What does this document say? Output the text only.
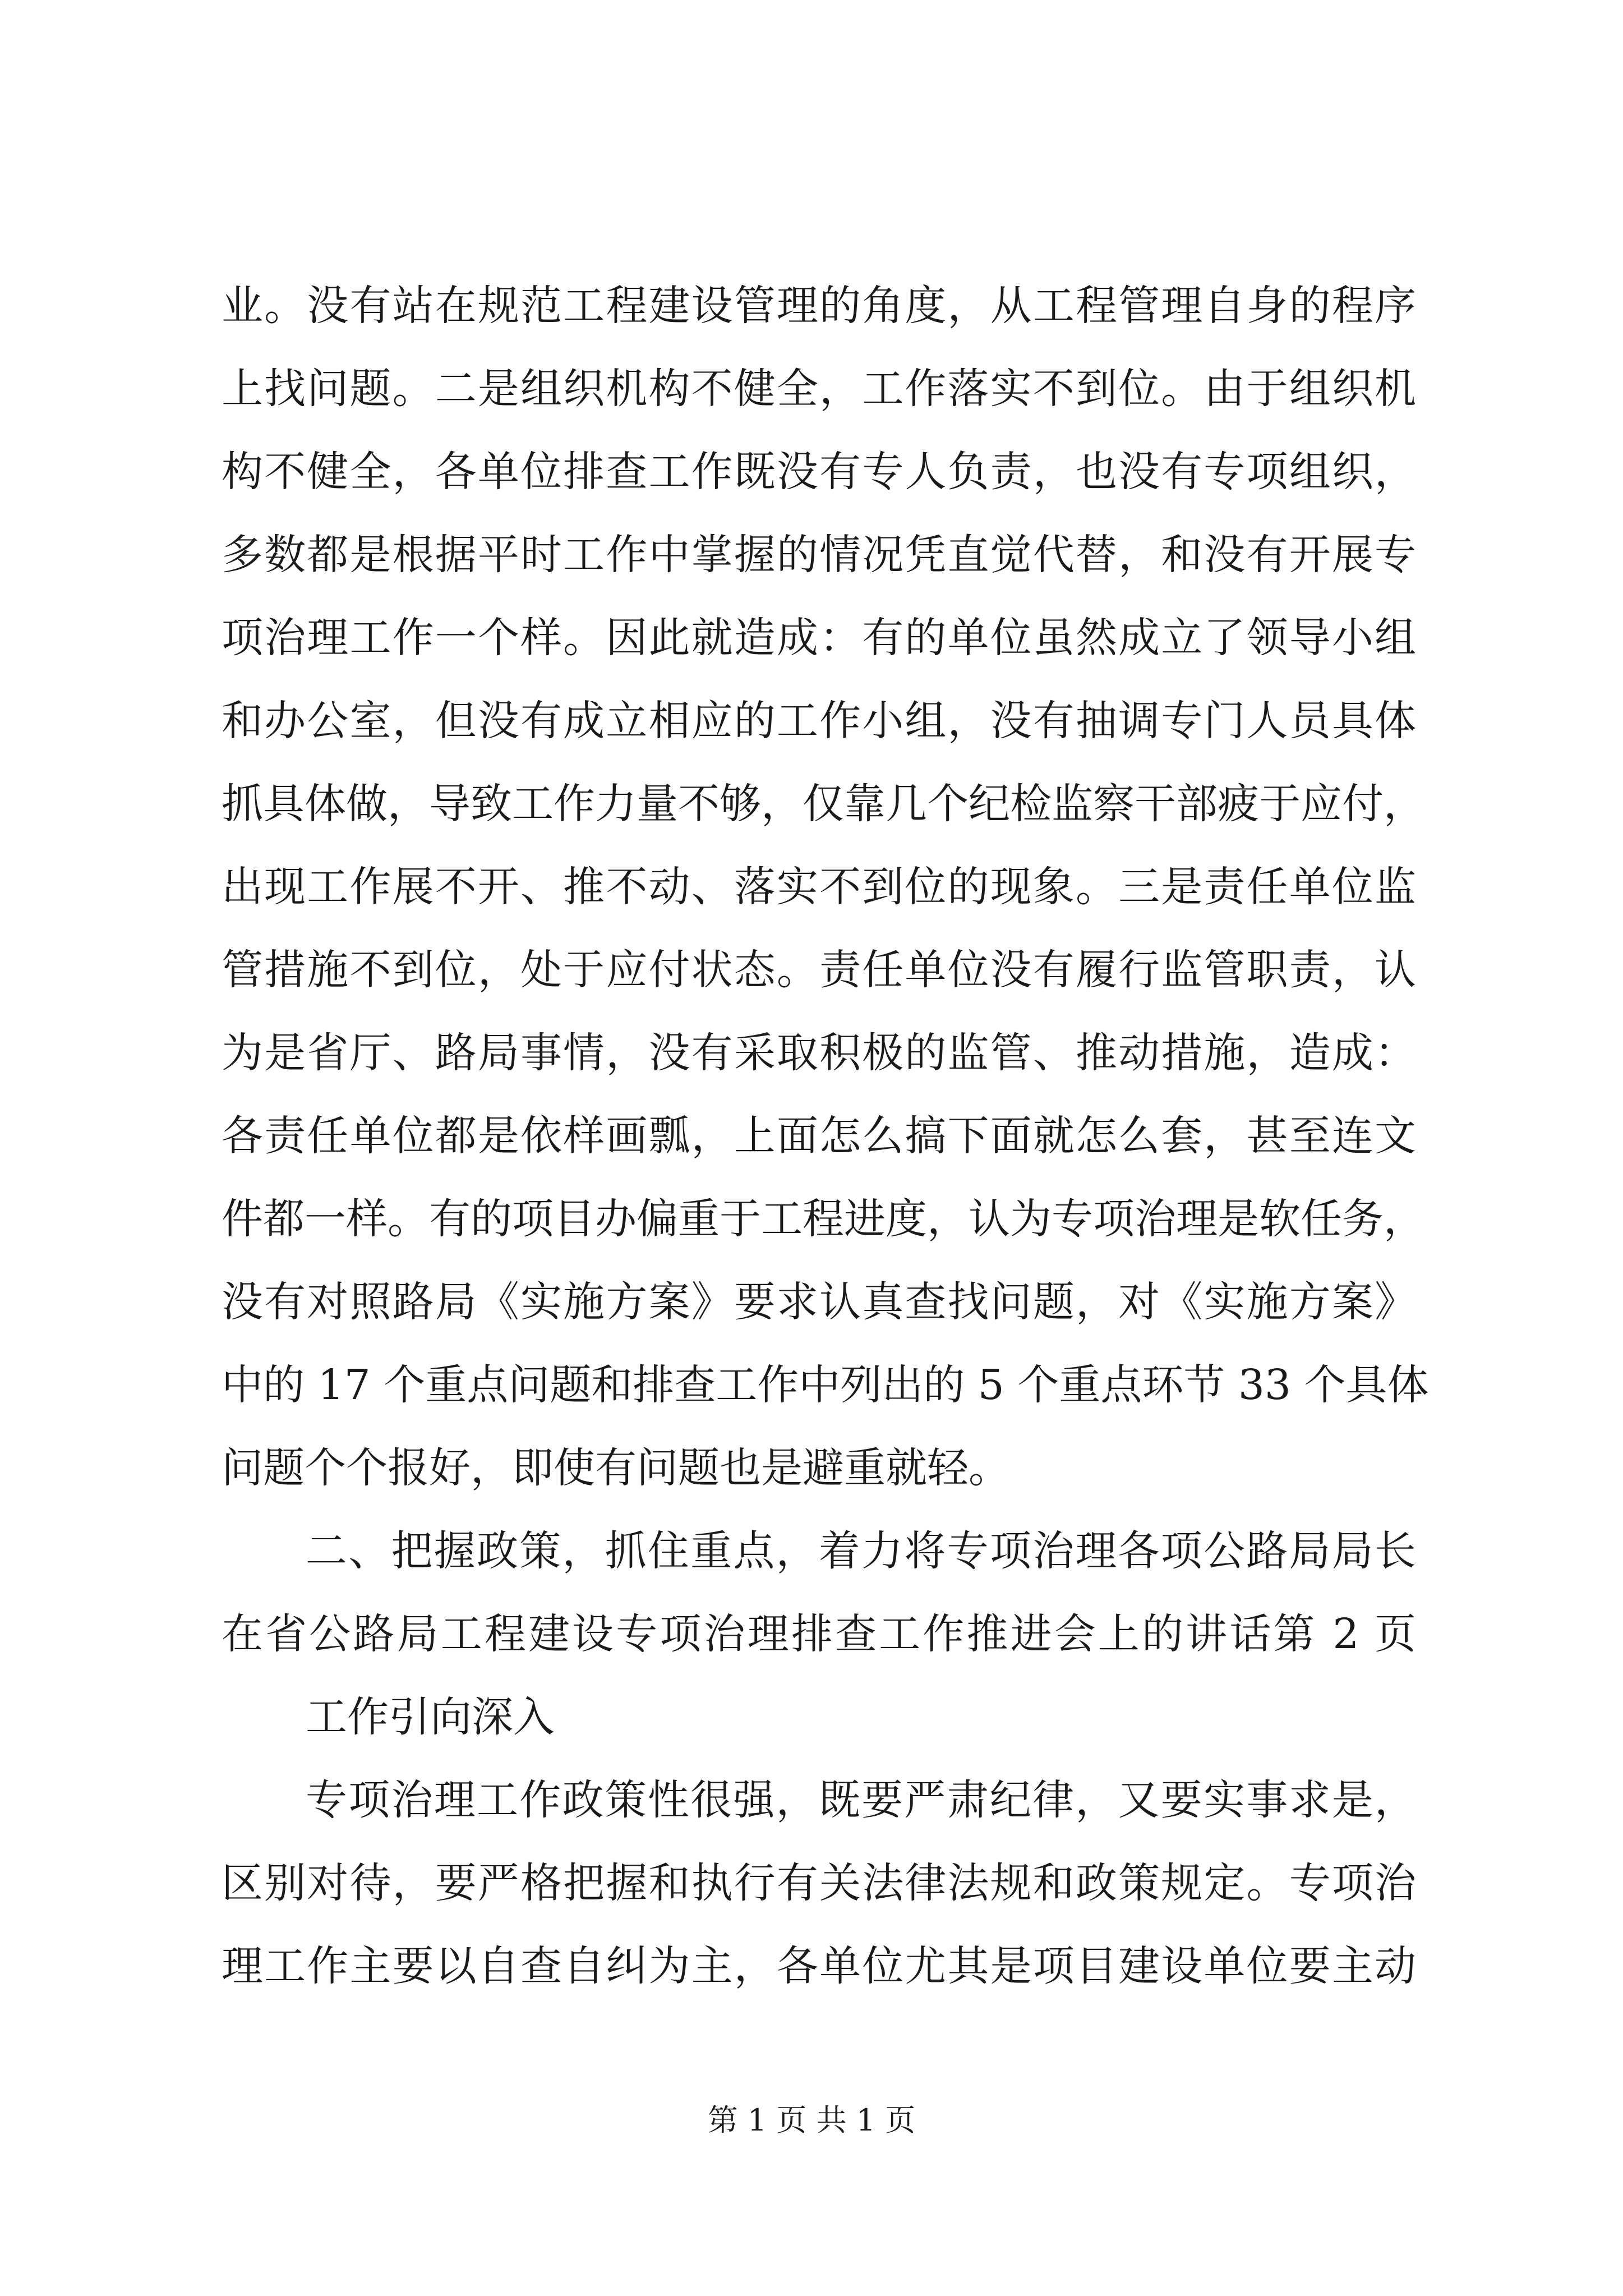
业。没有站在规范工程建设管理的角度，从工程管理自身的程序
上找问题。二是组织机构不健全，工作落实不到位。由于组织机
构不健全，各单位排查工作既没有专人负责，也没有专项组织，
多数都是根据平时工作中掌握的情况凭直觉代替，和没有开展专
项治理工作一个样。因此就造成：有的单位虽然成立了领导小组
和办公室，但没有成立相应的工作小组，没有抽调专门人员具体
抓具体做，导致工作力量不够，仅靠几个纪检监察干部疲于应付，
出现工作展不开、推不动、落实不到位的现象。三是责任单位监
管措施不到位，处于应付状态。责任单位没有履行监管职责，认
为是省厅、路局事情，没有采取积极的监管、推动措施，造成：
各责任单位都是依样画瓢，上面怎么搞下面就怎么套，甚至连文
件都一样。有的项目办偏重于工程进度，认为专项治理是软任务，
没有对照路局《实施方案》要求认真查找问题，对《实施方案》
中的 17 个重点问题和排查工作中列出的 5 个重点环节 33 个具体
问题个个报好，即使有问题也是避重就轻。
二、把握政策，抓住重点，着力将专项治理各项公路局局长
在省公路局工程建设专项治理排查工作推进会上的讲话第 2 页
工作引向深入
专项治理工作政策性很强，既要严肃纪律，又要实事求是，
区别对待，要严格把握和执行有关法律法规和政策规定。专项治
理工作主要以自查自纠为主，各单位尤其是项目建设单位要主动
第 1 页 共 1 页
